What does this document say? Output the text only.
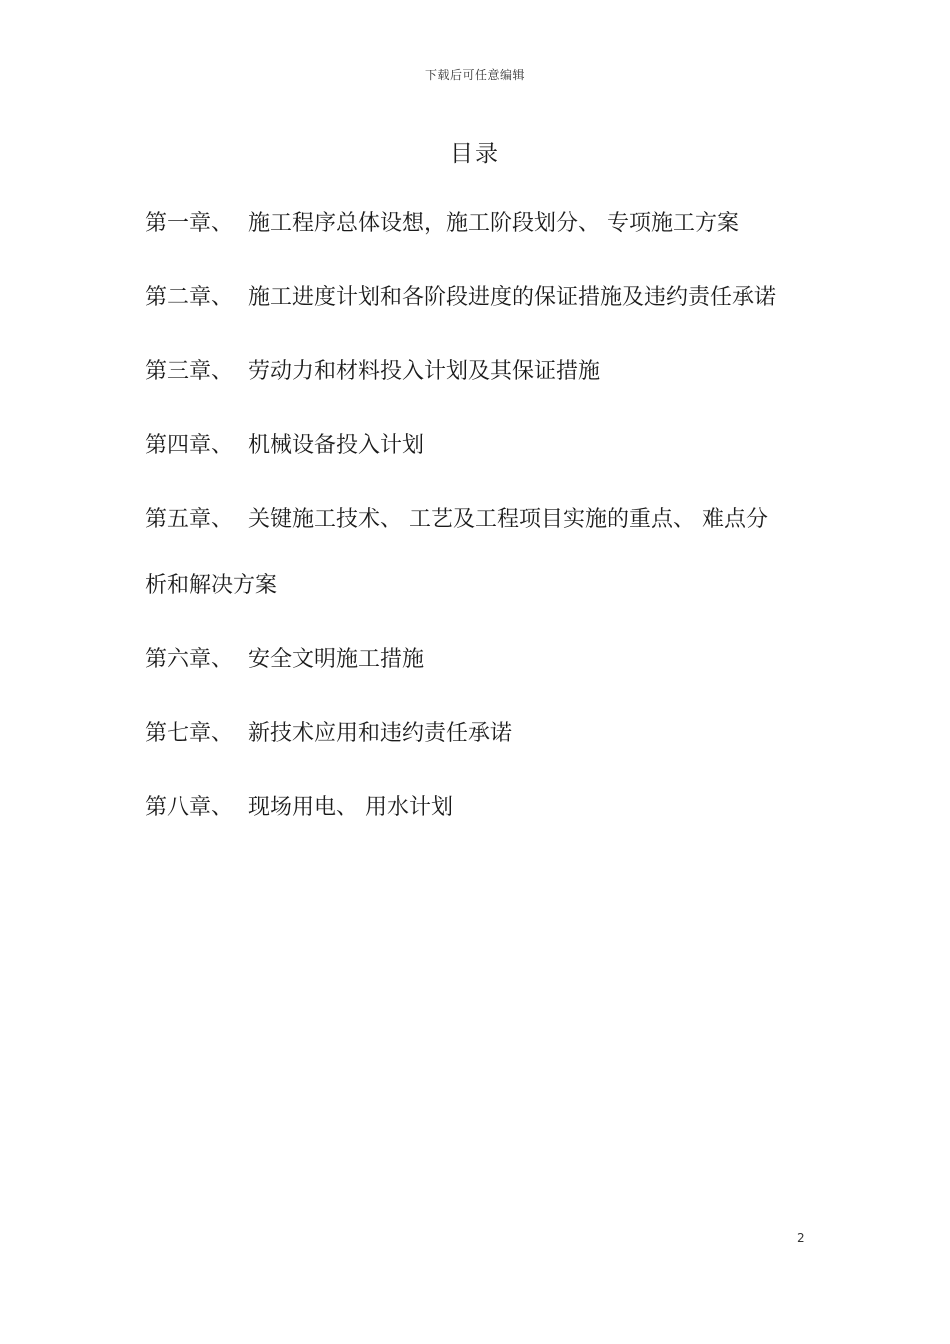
下载后可任意编辑
目录
第一章、 施工程序总体设想，施工阶段划分、 专项施工方案
第二章、 施工进度计划和各阶段进度的保证措施及违约责任承诺
第三章、 劳动力和材料投入计划及其保证措施
第四章、 机械设备投入计划
第五章、 关键施工技术、 工艺及工程项目实施的重点、 难点分
析和解决方案
第六章、 安全文明施工措施
第七章、 新技术应用和违约责任承诺
第八章、 现场用电、 用水计划
2
